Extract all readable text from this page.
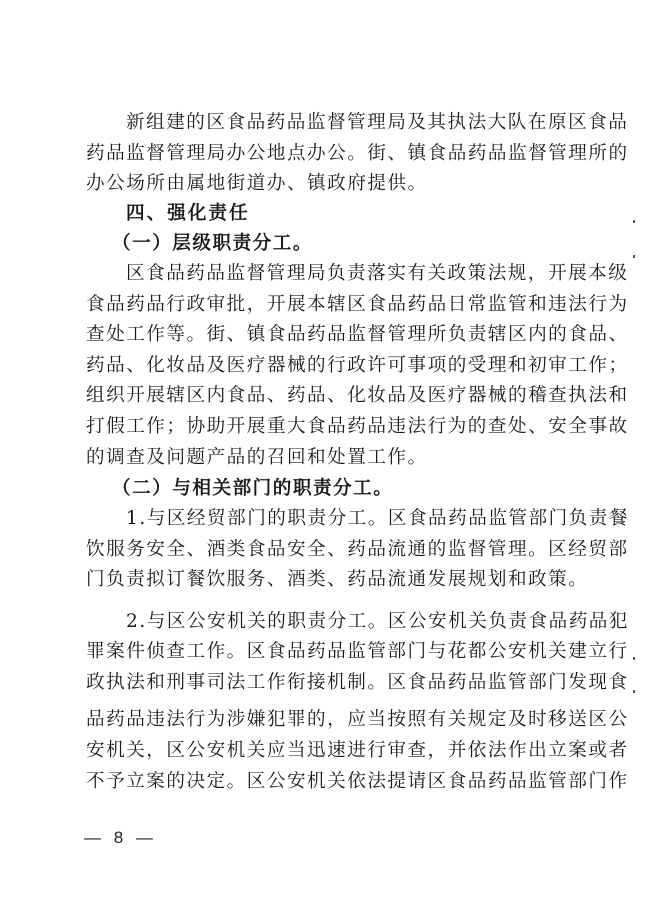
新组建的区食品药品监督管理局及其执法大队在原区食品
药品监督管理局办公地点办公。街、镇食品药品监督管理所的
办公场所由属地街道办、镇政府提供。
四、强化责任
（一）层级职责分工。
区食品药品监督管理局负责落实有关政策法规，开展本级
食品药品行政审批，开展本辖区食品药品日常监管和违法行为
查处工作等。街、镇食品药品监督管理所负责辖区内的食品、
药品、化妆品及医疗器械的行政许可事项的受理和初审工作；
组织开展辖区内食品、药品、化妆品及医疗器械的稽查执法和
打假工作；协助开展重大食品药品违法行为的查处、安全事故
的调查及问题产品的召回和处置工作。
（二）与相关部门的职责分工。
1.与区经贸部门的职责分工。区食品药品监管部门负责餐
饮服务安全、酒类食品安全、药品流通的监督管理。区经贸部
门负责拟订餐饮服务、酒类、药品流通发展规划和政策。
2.与区公安机关的职责分工。区公安机关负责食品药品犯
罪案件侦查工作。区食品药品监管部门与花都公安机关建立行
政执法和刑事司法工作衔接机制。区食品药品监管部门发现食
品药品违法行为涉嫌犯罪的，应当按照有关规定及时移送区公
安机关，区公安机关应当迅速进行审查，并依法作出立案或者
不予立案的决定。区公安机关依法提请区食品药品监管部门作
— 8 —
